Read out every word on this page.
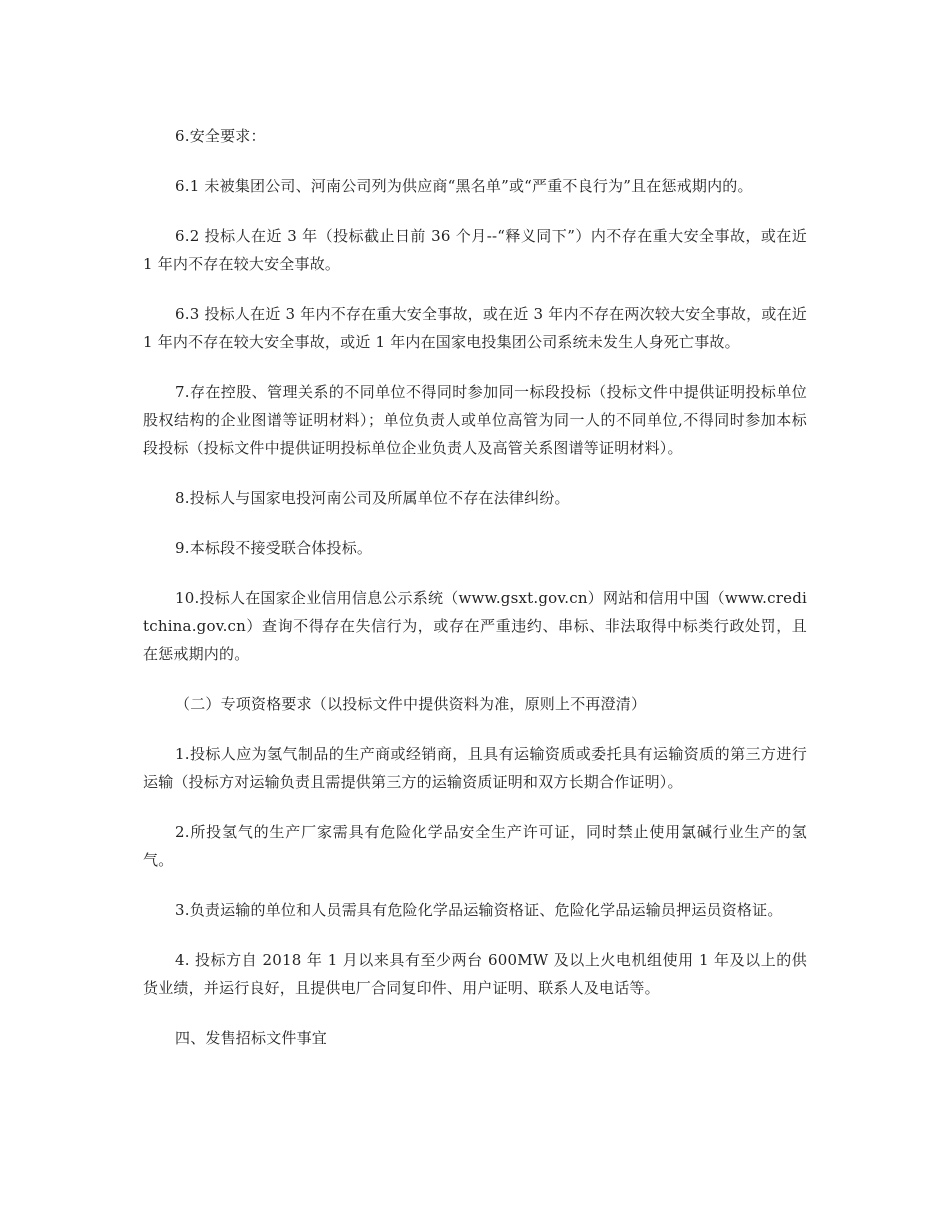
6.安全要求：

6.1 未被集团公司、河南公司列为供应商“黑名单”或“严重不良行为”且在惩戒期内的。

6.2 投标人在近 3 年（投标截止日前 36 个月--“释义同下”）内不存在重大安全事故，或在近 1 年内不存在较大安全事故。

6.3 投标人在近 3 年内不存在重大安全事故，或在近 3 年内不存在两次较大安全事故，或在近 1 年内不存在较大安全事故，或近 1 年内在国家电投集团公司系统未发生人身死亡事故。

7.存在控股、管理关系的不同单位不得同时参加同一标段投标（投标文件中提供证明投标单位股权结构的企业图谱等证明材料）；单位负责人或单位高管为同一人的不同单位,不得同时参加本标段投标（投标文件中提供证明投标单位企业负责人及高管关系图谱等证明材料）。

8.投标人与国家电投河南公司及所属单位不存在法律纠纷。

9.本标段不接受联合体投标。

10.投标人在国家企业信用信息公示系统（www.gsxt.gov.cn）网站和信用中国（www.creditchina.gov.cn）查询不得存在失信行为，或存在严重违约、串标、非法取得中标类行政处罚，且在惩戒期内的。

（二）专项资格要求（以投标文件中提供资料为准，原则上不再澄清）

1.投标人应为氢气制品的生产商或经销商，且具有运输资质或委托具有运输资质的第三方进行运输（投标方对运输负责且需提供第三方的运输资质证明和双方长期合作证明）。

2.所投氢气的生产厂家需具有危险化学品安全生产许可证，同时禁止使用氯碱行业生产的氢气。

3.负责运输的单位和人员需具有危险化学品运输资格证、危险化学品运输员押运员资格证。

4. 投标方自 2018 年 1 月以来具有至少两台 600MW 及以上火电机组使用 1 年及以上的供货业绩，并运行良好，且提供电厂合同复印件、用户证明、联系人及电话等。

四、发售招标文件事宜
